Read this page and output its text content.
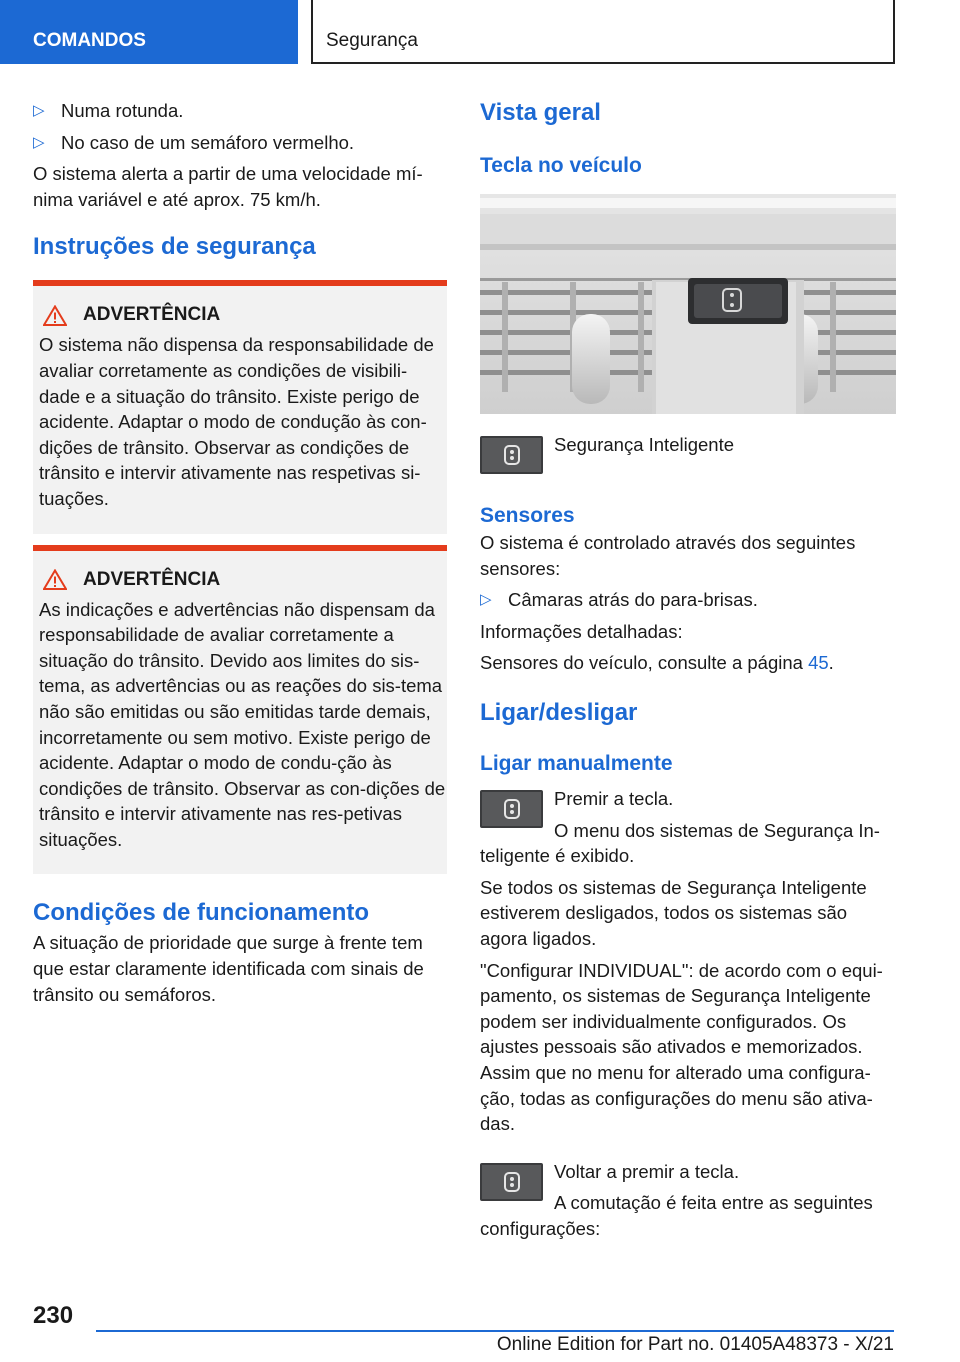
COMANDOS	Segurança
▷ Numa rotunda.
▷ No caso de um semáforo vermelho.

O sistema alerta a partir de uma velocidade mí-nima variável e até aprox. 75 km/h.

Instruções de segurança
ADVERTÊNCIA

O sistema não dispensa da responsabilidade de avaliar corretamente as condições de visibili-dade e a situação do trânsito. Existe perigo de acidente. Adaptar o modo de condução às con-dições de trânsito. Observar as condições de trânsito e intervir ativamente nas respetivas si-tuações.

ADVERTÊNCIA

As indicações e advertências não dispensam da responsabilidade de avaliar corretamente a situação do trânsito. Devido aos limites do sis-tema, as advertências ou as reações do sis-tema não são emitidas ou são emitidas tarde demais, incorretamente ou sem motivo. Existe perigo de acidente. Adaptar o modo de condu-ção às condições de trânsito. Observar as con-dições de trânsito e intervir ativamente nas res-petivas situações.

Condições de funcionamento

A situação de prioridade que surge à frente tem que estar claramente identificada com sinais de trânsito ou semáforos.

Vista geral
Tecla no veículo

Segurança Inteligente

Sensores

O sistema é controlado através dos seguintes sensores:

▷ Câmaras atrás do para-brisas.

Informações detalhadas:

Sensores do veículo, consulte a página 45.

Ligar/desligar
Ligar manualmente

Premir a tecla.

O menu dos sistemas de Segurança In-teligente é exibido.

Se todos os sistemas de Segurança Inteligente estiverem desligados, todos os sistemas são agora ligados.

"Configurar INDIVIDUAL": de acordo com o equi-pamento, os sistemas de Segurança Inteligente podem ser individualmente configurados. Os ajustes pessoais são ativados e memorizados. Assim que no menu for alterado uma configura-ção, todas as configurações do menu são ativa-das.

Voltar a premir a tecla.

A comutação é feita entre as seguintes configurações:

230
Online Edition for Part no. 01405A48373 - X/21
